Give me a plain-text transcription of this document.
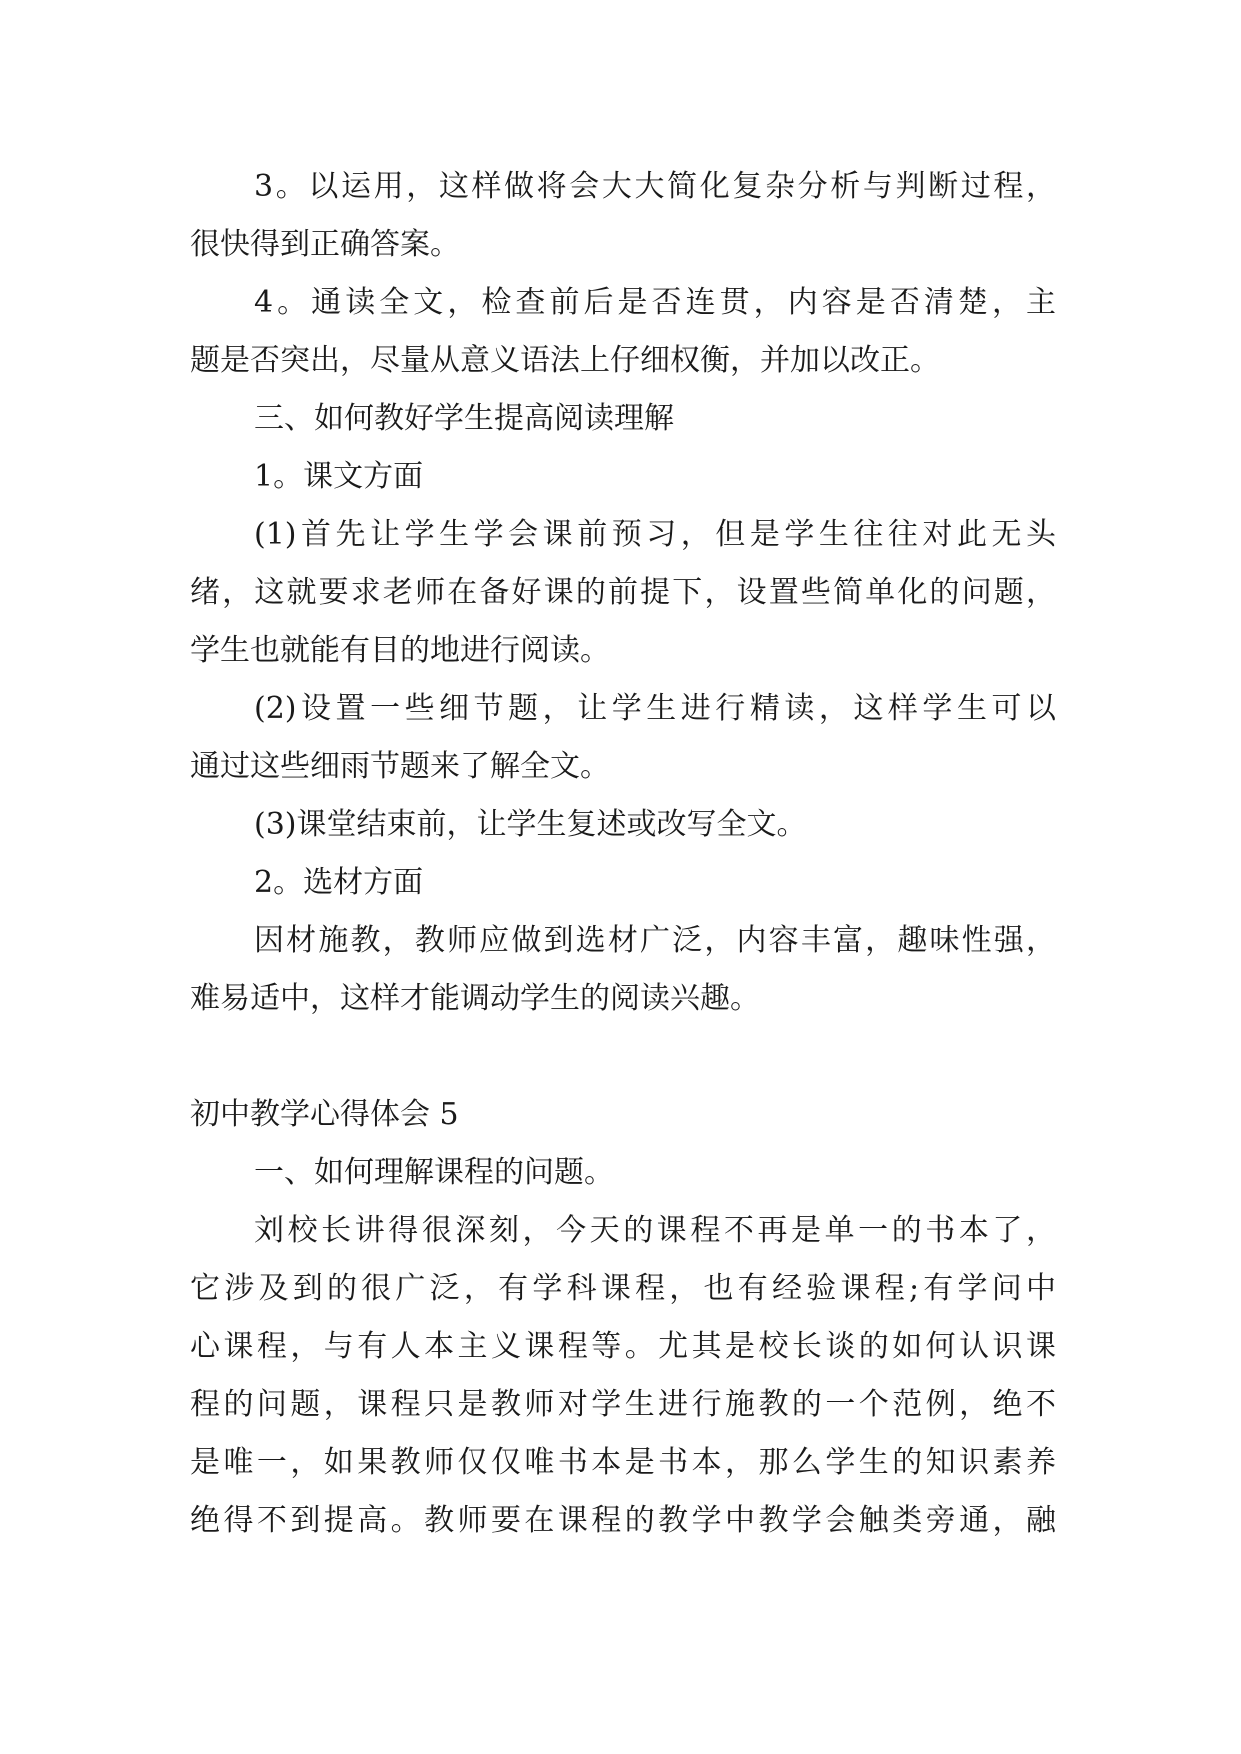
3。以运用，这样做将会大大简化复杂分析与判断过程，
很快得到正确答案。
4。通读全文，检查前后是否连贯，内容是否清楚，主
题是否突出，尽量从意义语法上仔细权衡，并加以改正。
三、如何教好学生提高阅读理解
1。课文方面
(1)首先让学生学会课前预习，但是学生往往对此无头
绪，这就要求老师在备好课的前提下，设置些简单化的问题，
学生也就能有目的地进行阅读。
(2)设置一些细节题，让学生进行精读，这样学生可以
通过这些细雨节题来了解全文。
(3)课堂结束前，让学生复述或改写全文。
2。选材方面
因材施教，教师应做到选材广泛，内容丰富，趣味性强，
难易适中，这样才能调动学生的阅读兴趣。
初中教学心得体会 5
一、如何理解课程的问题。
刘校长讲得很深刻，今天的课程不再是单一的书本了，
它涉及到的很广泛，有学科课程，也有经验课程;有学问中
心课程，与有人本主义课程等。尤其是校长谈的如何认识课
程的问题，课程只是教师对学生进行施教的一个范例，绝不
是唯一，如果教师仅仅唯书本是书本，那么学生的知识素养
绝得不到提高。教师要在课程的教学中教学会触类旁通，融
